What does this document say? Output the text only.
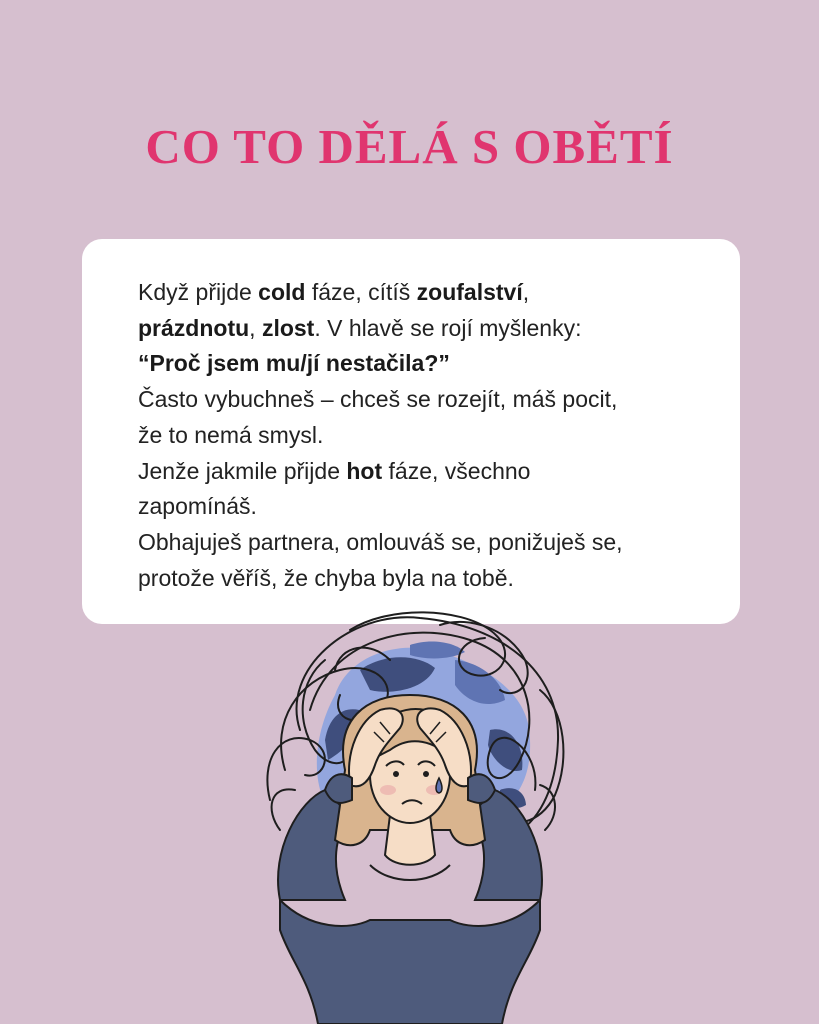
CO TO DĚLÁ S OBĚTÍ

Když přijde cold fáze, cítíš zoufalství,

prázdnotu, zlost. V hlavě se rojí myšlenky:

“Proč jsem mu/jí nestačila?”

Často vybuchneš – chceš se rozejít, máš pocit,

že to nemá smysl.

Jenže jakmile přijde hot fáze, všechno

zapomínáš.

Obhajuješ partnera, omlouváš se, ponižuješ se,

protože věříš, že chyba byla na tobě.
